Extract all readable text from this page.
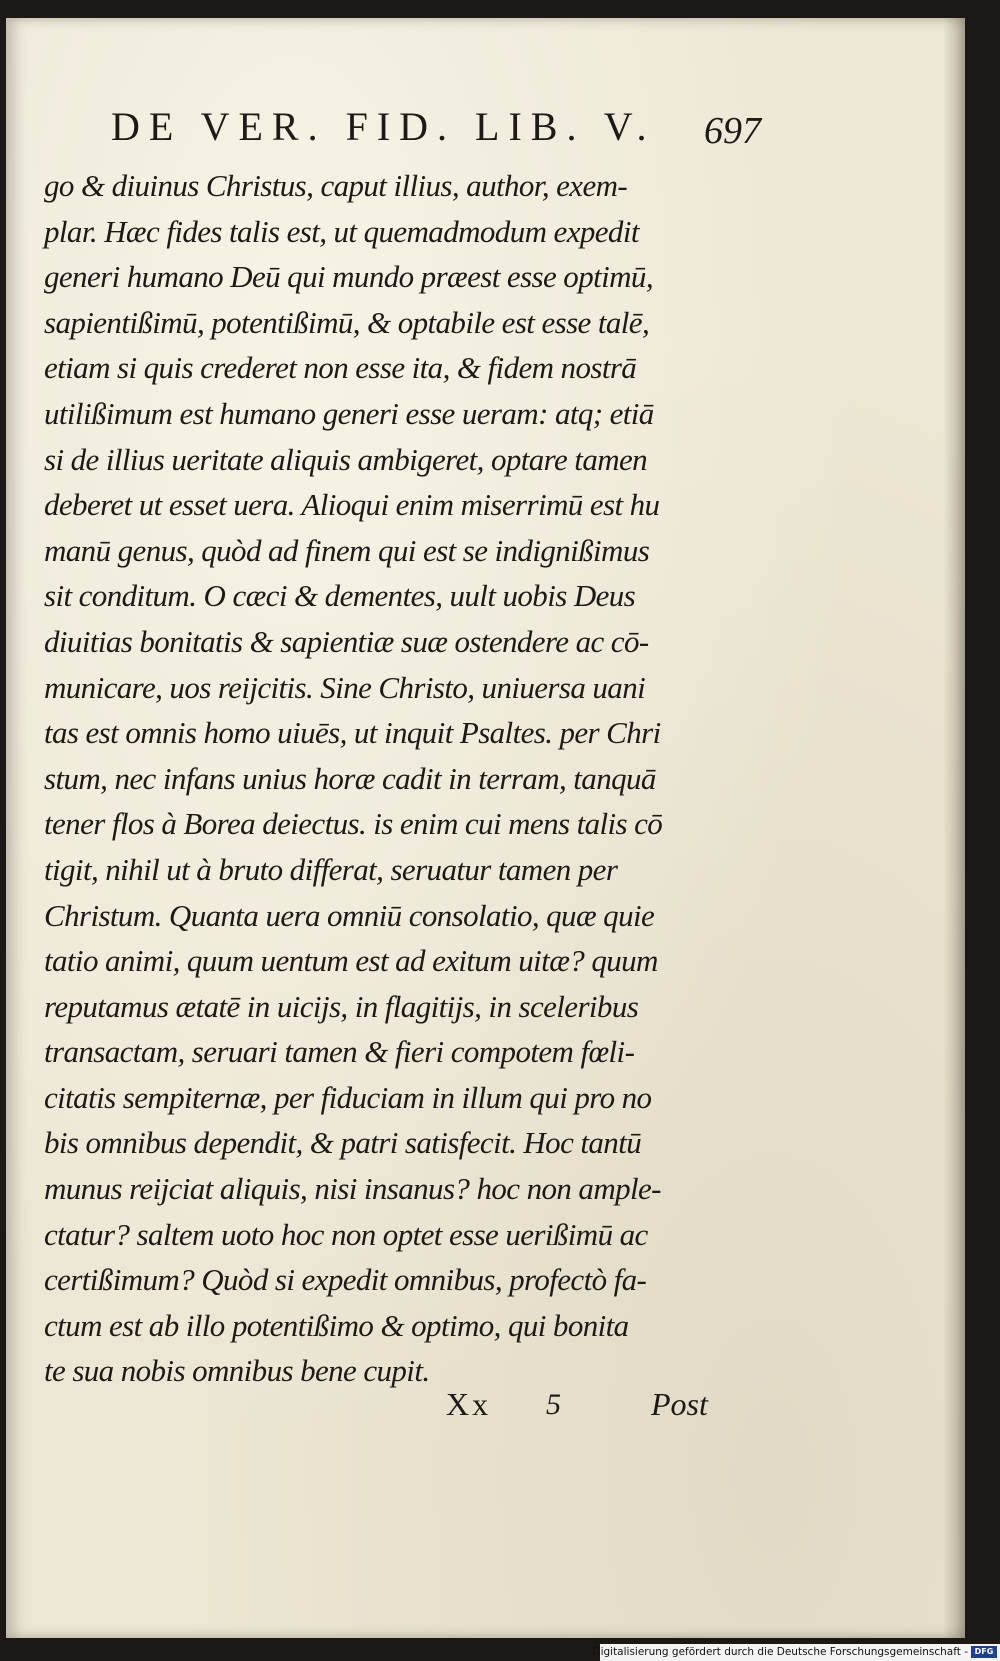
DE VER. FID. LIB. V. 697
go & diuinus Christus, caput illius, author, exem-
plar. Hæc fides talis est, ut quemadmodum expedit
generi humano Deū qui mundo præest esse optimū,
sapientißimū, potentißimū, & optabile est esse talē,
etiam si quis crederet non esse ita, & fidem nostrā
utilißimum est humano generi esse ueram: atq; etiā
si de illius ueritate aliquis ambigeret, optare tamen
deberet ut esset uera. Alioqui enim miserrimū est hu
manū genus, quòd ad finem qui est se indignißimus
sit conditum. O cæci & dementes, uult uobis Deus
diuitias bonitatis & sapientiæ suæ ostendere ac cō-
municare, uos reijcitis. Sine Christo, uniuersa uani
tas est omnis homo uiuēs, ut inquit Psaltes. per Chri
stum, nec infans unius horæ cadit in terram, tanquā
tener flos à Borea deiectus. is enim cui mens talis cō
tigit, nihil ut à bruto differat, seruatur tamen per
Christum. Quanta uera omniū consolatio, quæ quie
tatio animi, quum uentum est ad exitum uitæ? quum
reputamus ætatē in uicijs, in flagitijs, in sceleribus
transactam, seruari tamen & fieri compotem fœli-
citatis sempiternæ, per fiduciam in illum qui pro no
bis omnibus dependit, & patri satisfecit. Hoc tantū
munus reijciat aliquis, nisi insanus? hoc non ample-
ctatur? saltem uoto hoc non optet esse uerißimū ac
certißimum? Quòd si expedit omnibus, profectò fa-
ctum est ab illo potentißimo & optimo, qui bonita
te sua nobis omnibus bene cupit.
Xx 5	Post
Digitalisierung gefördert durch die Deutsche Forschungsgemeinschaft - DFG
